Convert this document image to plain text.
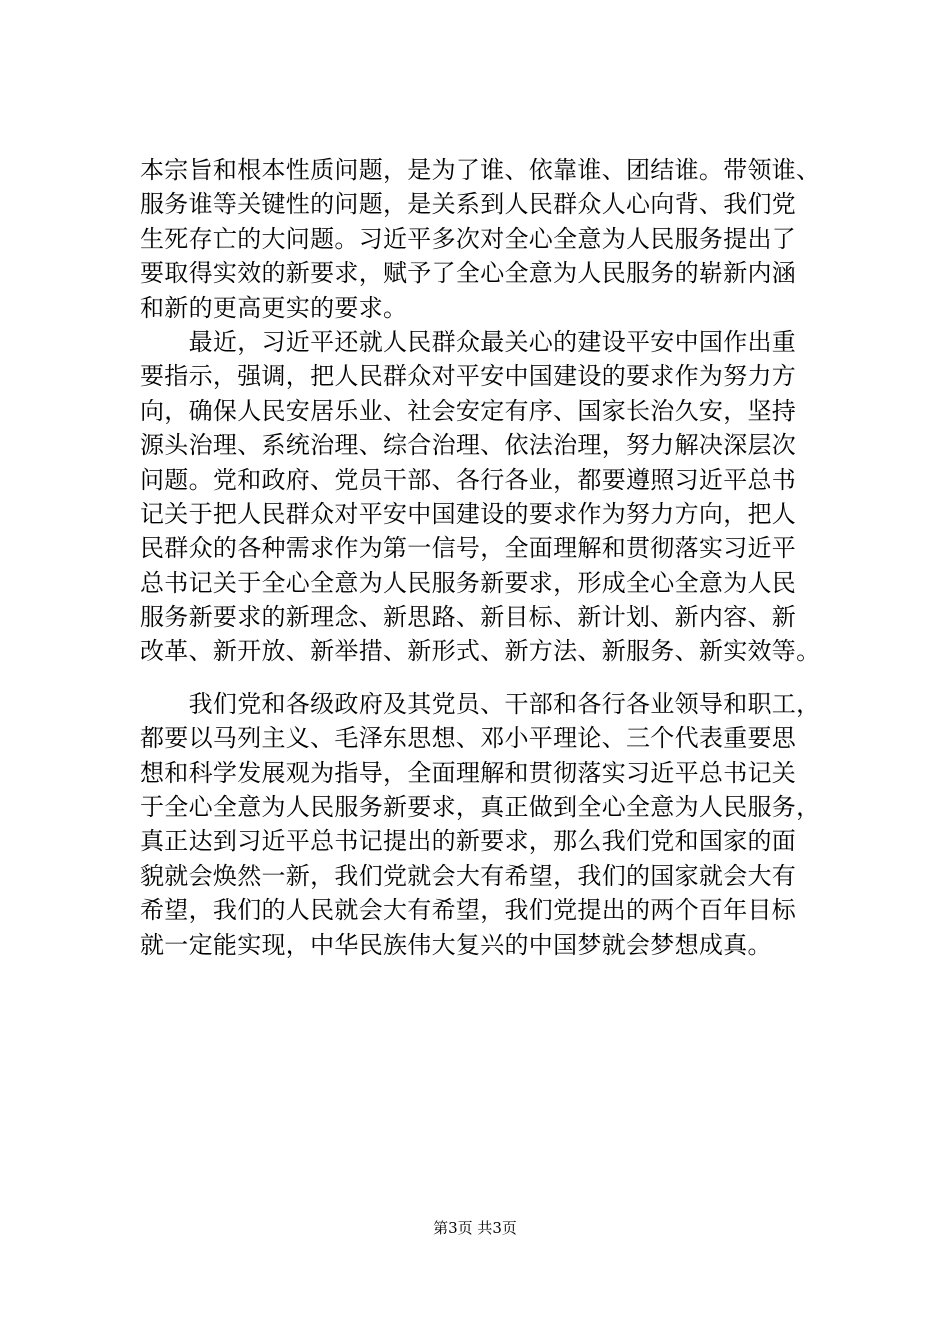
本宗旨和根本性质问题，是为了谁、依靠谁、团结谁。带领谁、
服务谁等关键性的问题，是关系到人民群众人心向背、我们党
生死存亡的大问题。习近平多次对全心全意为人民服务提出了
要取得实效的新要求，赋予了全心全意为人民服务的崭新内涵
和新的更高更实的要求。
　　最近，习近平还就人民群众最关心的建设平安中国作出重
要指示，强调，把人民群众对平安中国建设的要求作为努力方
向，确保人民安居乐业、社会安定有序、国家长治久安，坚持
源头治理、系统治理、综合治理、依法治理，努力解决深层次
问题。党和政府、党员干部、各行各业，都要遵照习近平总书
记关于把人民群众对平安中国建设的要求作为努力方向，把人
民群众的各种需求作为第一信号，全面理解和贯彻落实习近平
总书记关于全心全意为人民服务新要求，形成全心全意为人民
服务新要求的新理念、新思路、新目标、新计划、新内容、新
改革、新开放、新举措、新形式、新方法、新服务、新实效等。
　　我们党和各级政府及其党员、干部和各行各业领导和职工，
都要以马列主义、毛泽东思想、邓小平理论、三个代表重要思
想和科学发展观为指导，全面理解和贯彻落实习近平总书记关
于全心全意为人民服务新要求，真正做到全心全意为人民服务，
真正达到习近平总书记提出的新要求，那么我们党和国家的面
貌就会焕然一新，我们党就会大有希望，我们的国家就会大有
希望，我们的人民就会大有希望，我们党提出的两个百年目标
就一定能实现，中华民族伟大复兴的中国梦就会梦想成真。
第3页 共3页
